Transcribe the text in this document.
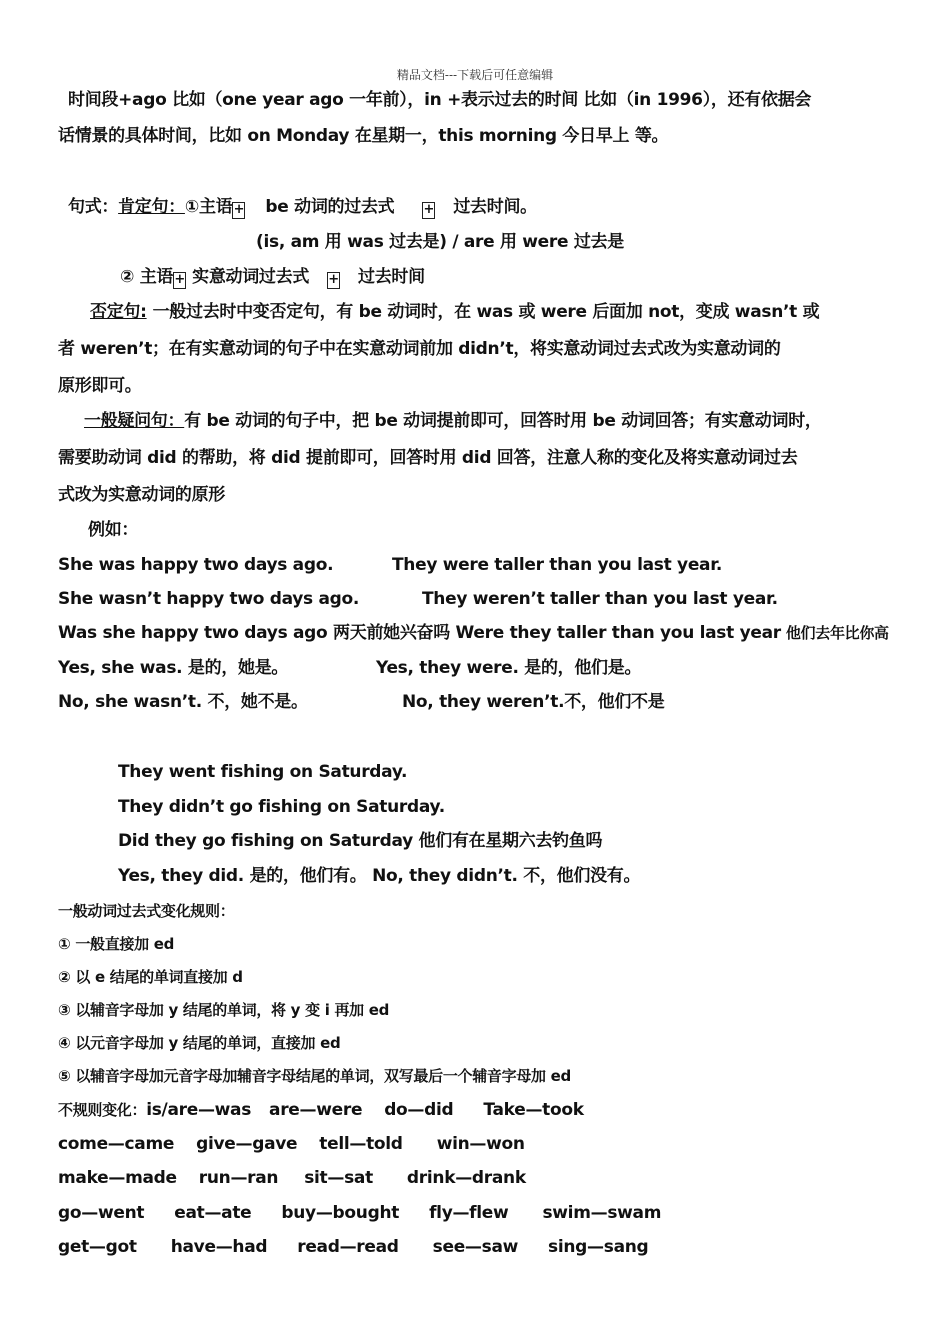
精品文档---下载后可任意编辑
时间段+ago 比如（one year ago 一年前），in +表示过去的时间 比如（in 1996），还有依据会
话情景的具体时间，比如 on Monday 在星期一，this morning 今日早上 等。
句式：肯定句：①主语+ be 动词的过去式 + 过去时间。
(is, am 用 was 过去是) / are 用 were 过去是
② 主语+ 实意动词过去式 + 过去时间
否定句: 一般过去时中变否定句，有 be 动词时，在 was 或 were 后面加 not，变成 wasn’t 或
者 weren’t；在有实意动词的句子中在实意动词前加 didn’t，将实意动词过去式改为实意动词的
原形即可。
一般疑问句：有 be 动词的句子中，把 be 动词提前即可，回答时用 be 动词回答；有实意动词时，
需要助动词 did 的帮助，将 did 提前即可，回答时用 did 回答，注意人称的变化及将实意动词过去
式改为实意动词的原形
例如：
She was happy two days ago.	They were taller than you last year.
She wasn’t happy two days ago.	They weren’t taller than you last year.
Was she happy two days ago 两天前她兴奋吗 Were they taller than you last year 他们去年比你高
Yes, she was. 是的，她是。	Yes, they were. 是的，他们是。
No, she wasn’t. 不，她不是。	No, they weren’t.不，他们不是
They went fishing on Saturday.
They didn’t go fishing on Saturday.
Did they go fishing on Saturday 他们有在星期六去钓鱼吗
Yes, they did. 是的，他们有。 No, they didn’t. 不，他们没有。
一般动词过去式变化规则：
① 一般直接加 ed
② 以 e 结尾的单词直接加 d
③ 以辅音字母加 y 结尾的单词，将 y 变 i 再加 ed
④ 以元音字母加 y 结尾的单词，直接加 ed
⑤ 以辅音字母加元音字母加辅音字母结尾的单词，双写最后一个辅音字母加 ed
不规则变化：is/are—was are—were do—did Take—took
come—came give—gave tell—told win—won
make—made run—ran sit—sat drink—drank
go—went eat—ate buy—bought fly—flew swim—swam
get—got have—had read—read see—saw sing—sang
